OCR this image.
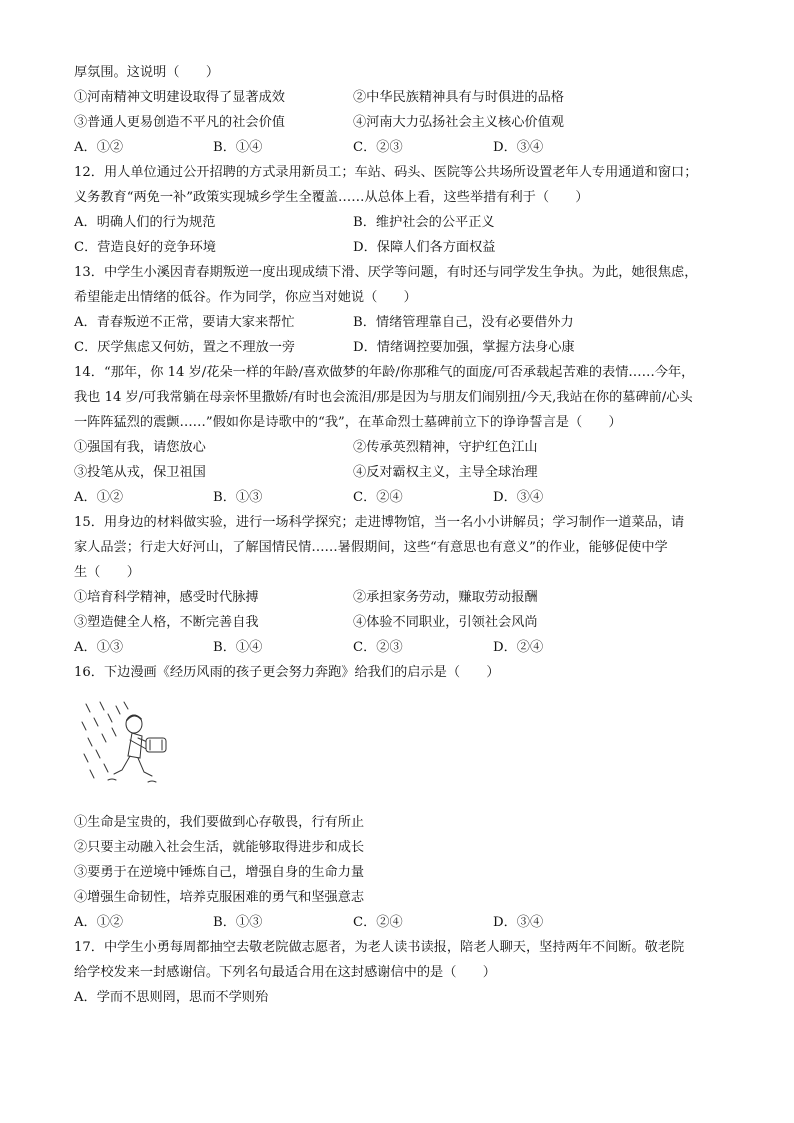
厚氛围。这说明（　　）
①河南精神文明建设取得了显著成效	②中华民族精神具有与时俱进的品格
③普通人更易创造不平凡的社会价值	④河南大力弘扬社会主义核心价值观
A．①②	B．①④	C．②③	D．③④
12．用人单位通过公开招聘的方式录用新员工；车站、码头、医院等公共场所设置老年人专用通道和窗口；
义务教育“两免一补”政策实现城乡学生全覆盖……从总体上看，这些举措有利于（　　）
A．明确人们的行为规范	B．维护社会的公平正义
C．营造良好的竞争环境	D．保障人们各方面权益
13．中学生小溪因青春期叛逆一度出现成绩下滑、厌学等问题，有时还与同学发生争执。为此，她很焦虑，
希望能走出情绪的低谷。作为同学，你应当对她说（　　）
A．青春叛逆不正常，要请大家来帮忙	B．情绪管理靠自己，没有必要借外力
C．厌学焦虑又何妨，置之不理放一旁	D．情绪调控要加强，掌握方法身心康
14．“那年，你 14 岁/花朵一样的年龄/喜欢做梦的年龄/你那稚气的面庞/可否承载起苦难的表情……今年，
我也 14 岁/可我常躺在母亲怀里撒娇/有时也会流泪/那是因为与朋友们闹别扭/今天,我站在你的墓碑前/心头
一阵阵猛烈的震颤……”假如你是诗歌中的“我”，在革命烈士墓碑前立下的诤诤誓言是（　　）
①强国有我，请您放心	②传承英烈精神，守护红色江山
③投笔从戎，保卫祖国	④反对霸权主义，主导全球治理
A．①②	B．①③	C．②④	D．③④
15．用身边的材料做实验，进行一场科学探究；走进博物馆，当一名小小讲解员；学习制作一道菜品，请
家人品尝；行走大好河山，了解国情民情……暑假期间，这些“有意思也有意义”的作业，能够促使中学
生（　　）
①培育科学精神，感受时代脉搏	②承担家务劳动，赚取劳动报酬
③塑造健全人格，不断完善自我	④体验不同职业，引领社会风尚
A．①③	B．①④	C．②③	D．②④
16．下边漫画《经历风雨的孩子更会努力奔跑》给我们的启示是（　　）
①生命是宝贵的，我们要做到心存敬畏，行有所止
②只要主动融入社会生活，就能够取得进步和成长
③要勇于在逆境中锤炼自己，增强自身的生命力量
④增强生命韧性，培养克服困难的勇气和坚强意志
A．①②	B．①③	C．②④	D．③④
17．中学生小勇每周都抽空去敬老院做志愿者，为老人读书读报，陪老人聊天，坚持两年不间断。敬老院
给学校发来一封感谢信。下列名句最适合用在这封感谢信中的是（　　）
A．学而不思则罔，思而不学则殆
